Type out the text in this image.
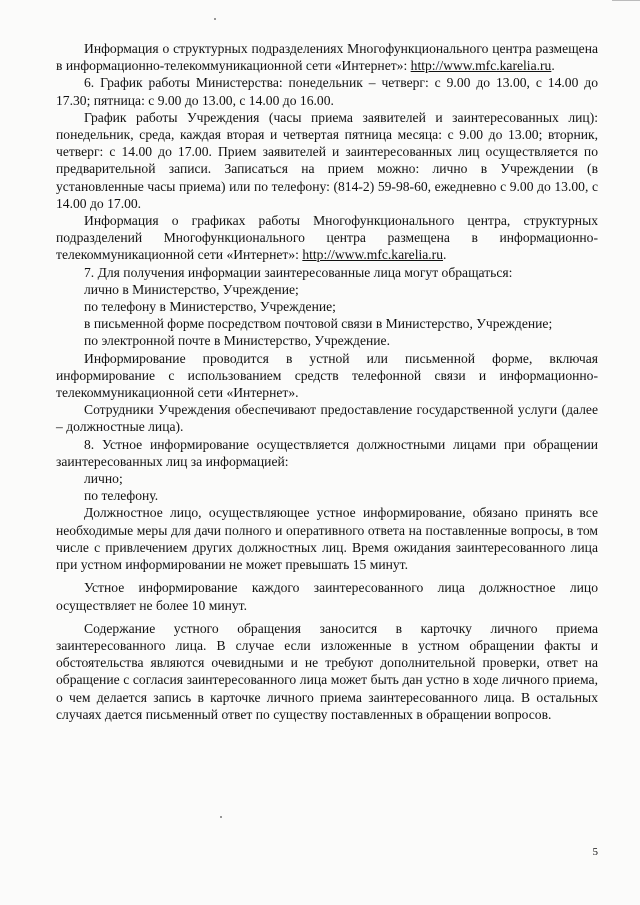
Информация о структурных подразделениях Многофункционального центра размещена в информационно-телекоммуникационной сети «Интернет»: http://www.mfc.karelia.ru.

6. График работы Министерства: понедельник – четверг: с 9.00 до 13.00, с 14.00 до 17.30; пятница: с 9.00 до 13.00, с 14.00 до 16.00.

График работы Учреждения (часы приема заявителей и заинтересованных лиц): понедельник, среда, каждая вторая и четвертая пятница месяца: с 9.00 до 13.00; вторник, четверг: с 14.00 до 17.00. Прием заявителей и заинтересованных лиц осуществляется по предварительной записи. Записаться на прием можно: лично в Учреждении (в установленные часы приема) или по телефону: (814-2) 59-98-60, ежедневно с 9.00 до 13.00, с 14.00 до 17.00.

Информация о графиках работы Многофункционального центра, структурных подразделений Многофункционального центра размещена в информационно-телекоммуникационной сети «Интернет»: http://www.mfc.karelia.ru.

7. Для получения информации заинтересованные лица могут обращаться:

лично в Министерство, Учреждение;

по телефону в Министерство, Учреждение;

в письменной форме посредством почтовой связи в Министерство, Учреждение;

по электронной почте в Министерство, Учреждение.

Информирование проводится в устной или письменной форме, включая информирование с использованием средств телефонной связи и информационно-телекоммуникационной сети «Интернет».

Сотрудники Учреждения обеспечивают предоставление государственной услуги (далее – должностные лица).

8. Устное информирование осуществляется должностными лицами при обращении заинтересованных лиц за информацией:

лично;

по телефону.

Должностное лицо, осуществляющее устное информирование, обязано принять все необходимые меры для дачи полного и оперативного ответа на поставленные вопросы, в том числе с привлечением других должностных лиц. Время ожидания заинтересованного лица при устном информировании не может превышать 15 минут.

Устное информирование каждого заинтересованного лица должностное лицо осуществляет не более 10 минут.

Содержание устного обращения заносится в карточку личного приема заинтересованного лица. В случае если изложенные в устном обращении факты и обстоятельства являются очевидными и не требуют дополнительной проверки, ответ на обращение с согласия заинтересованного лица может быть дан устно в ходе личного приема, о чем делается запись в карточке личного приема заинтересованного лица. В остальных случаях дается письменный ответ по существу поставленных в обращении вопросов.

5
